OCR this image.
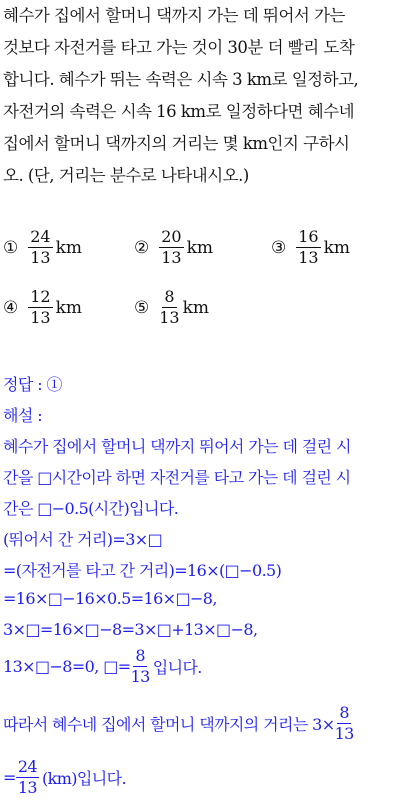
혜수가 집에서 할머니 댁까지 가는 데 뛰어서 가는
것보다 자전거를 타고 가는 것이 30분 더 빨리 도착
합니다. 혜수가 뛰는 속력은 시속 3 km로 일정하고,
자전거의 속력은 시속 16 km로 일정하다면 혜수네
집에서 할머니 댁까지의 거리는 몇 km인지 구하시
오. (단, 거리는 분수로 나타내시오.)
① $\frac{24}{13}$ km	② $\frac{20}{13}$ km	③ $\frac{16}{13}$ km
④ $\frac{12}{13}$ km	⑤ $\frac{8}{13}$ km
정답 : ①
해설 :
혜수가 집에서 할머니 댁까지 뛰어서 가는 데 걸린 시
간을 □시간이라 하면 자전거를 타고 가는 데 걸린 시
간은 □−0.5(시간)입니다.
(뛰어서 간 거리)=3×□
=(자전거를 타고 간 거리)=16×(□−0.5)
=16×□−16×0.5=16×□−8,
3×□=16×□−8=3×□+13×□−8,
13×□−8=0, □= $\frac{8}{13}$ 입니다.
따라서 혜수네 집에서 할머니 댁까지의 거리는 $3\times \frac{8}{13}$
= $\frac{24}{13} (km)$입니다.
